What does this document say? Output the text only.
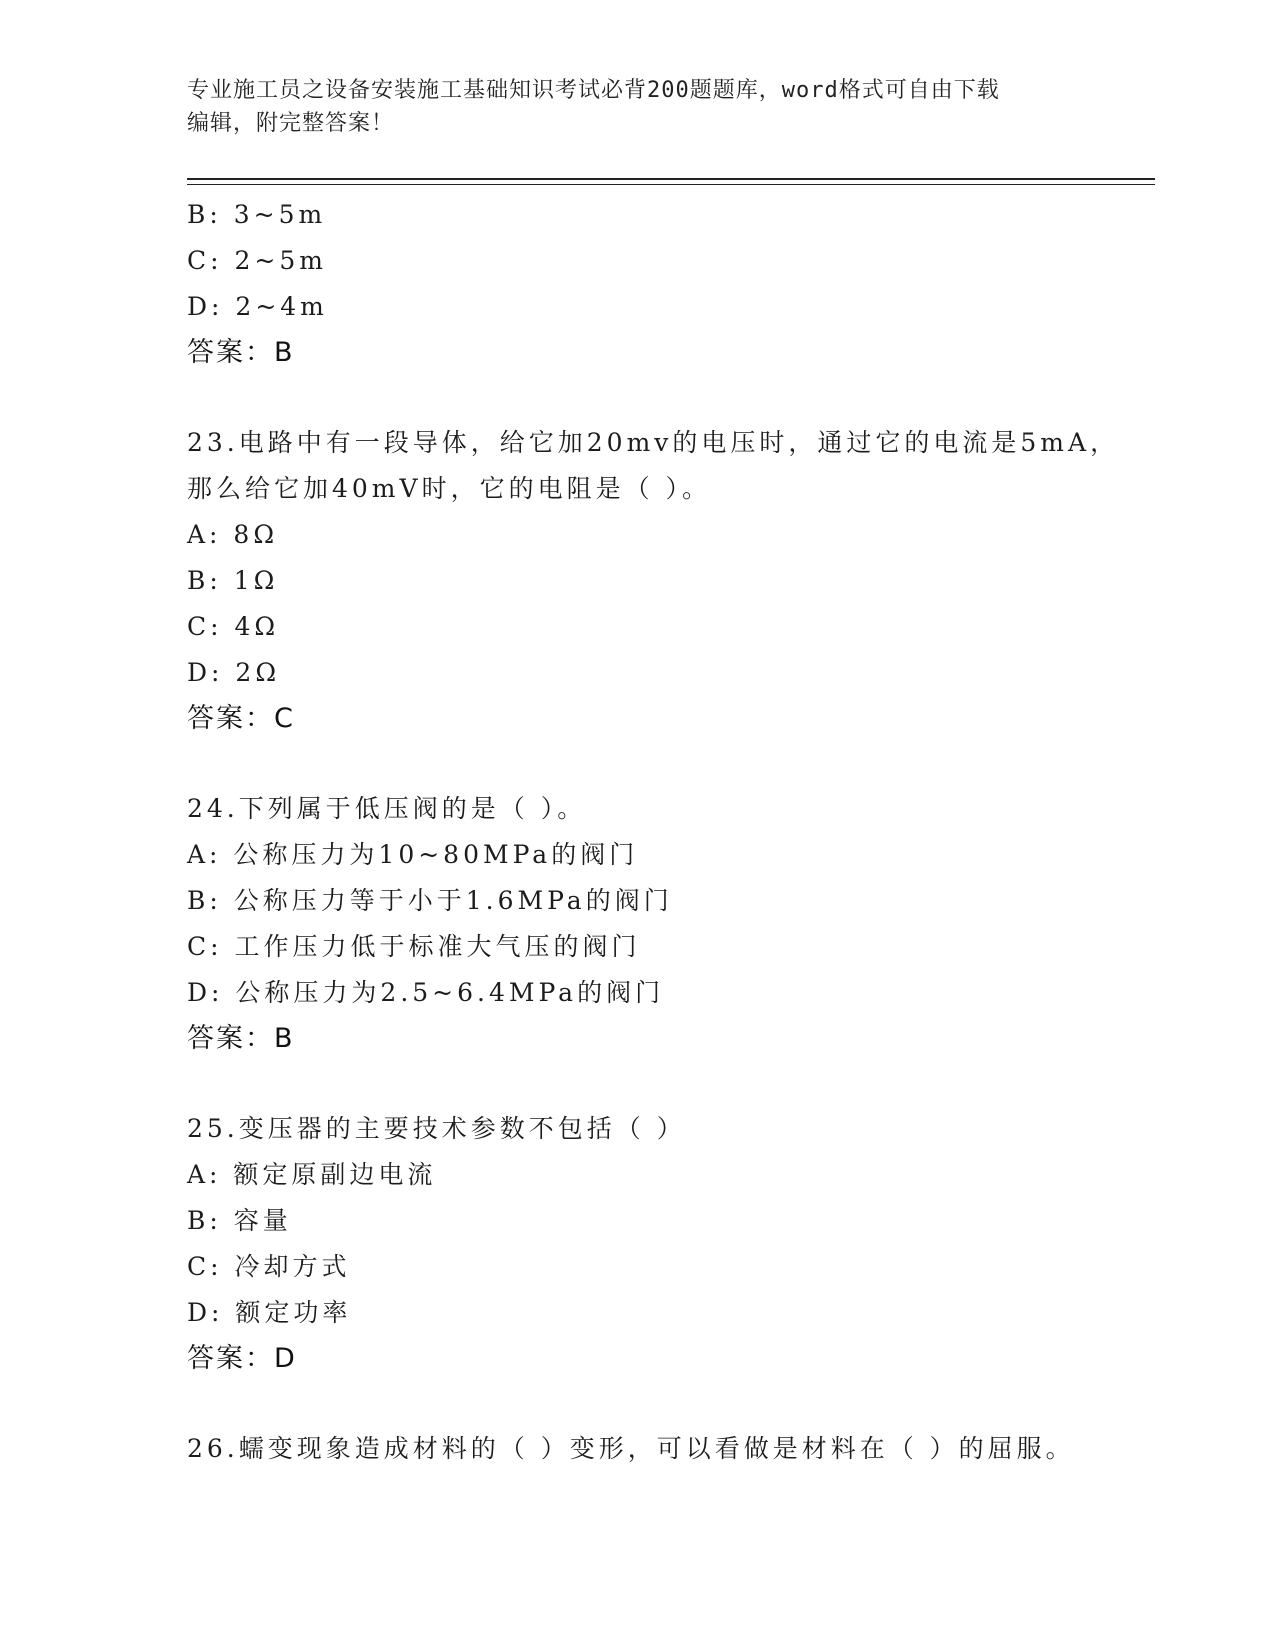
专业施工员之设备安装施工基础知识考试必背200题题库，word格式可自由下载
编辑，附完整答案！
B: 3~5m
C: 2~5m
D: 2~4m
答案：B
23.电路中有一段导体，给它加20mv的电压时，通过它的电流是5mA，
那么给它加40mV时，它的电阻是（ ）。
A: 8Ω
B: 1Ω
C: 4Ω
D: 2Ω
答案：C
24.下列属于低压阀的是（ ）。
A: 公称压力为10~80MPa的阀门
B: 公称压力等于小于1.6MPa的阀门
C: 工作压力低于标准大气压的阀门
D: 公称压力为2.5~6.4MPa的阀门
答案：B
25.变压器的主要技术参数不包括（ ）
A: 额定原副边电流
B: 容量
C: 冷却方式
D: 额定功率
答案：D
26.蠕变现象造成材料的（ ）变形，可以看做是材料在（ ）的屈服。
